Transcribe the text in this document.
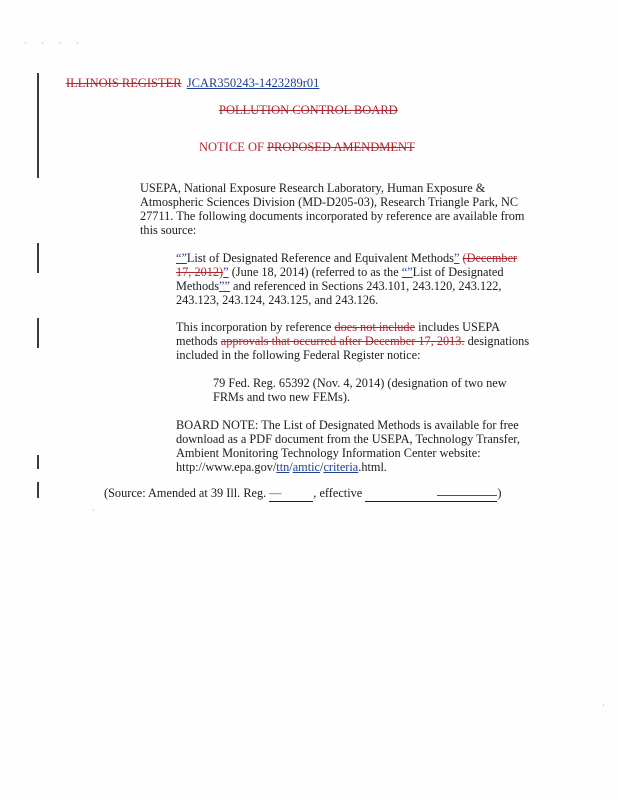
· · · ·
ILLINOIS REGISTER JCAR350243-1423289r01
POLLUTION CONTROL BOARD
NOTICE OF PROPOSED AMENDMENT
USEPA, National Exposure Research Laboratory, Human Exposure & Atmospheric Sciences Division (MD-D205-03), Research Triangle Park, NC 27711. The following documents incorporated by reference are available from this source:
“”List of Designated Reference and Equivalent Methods” (December 17, 2012)” (June 18, 2014) (referred to as the “”List of Designated Methods”” and referenced in Sections 243.101, 243.120, 243.122, 243.123, 243.124, 243.125, and 243.126.
This incorporation by reference does not include includes USEPA methods approvals that occurred after December 17, 2013. designations included in the following Federal Register notice:
79 Fed. Reg. 65392 (Nov. 4, 2014) (designation of two new FRMs and two new FEMs).
BOARD NOTE: The List of Designated Methods is available for free download as a PDF document from the USEPA, Technology Transfer, Ambient Monitoring Technology Information Center website: http://www.epa.gov/ttn/amtic/criteria.html.
(Source: Amended at 39 Ill. Reg. —	, effective	)
·
·
